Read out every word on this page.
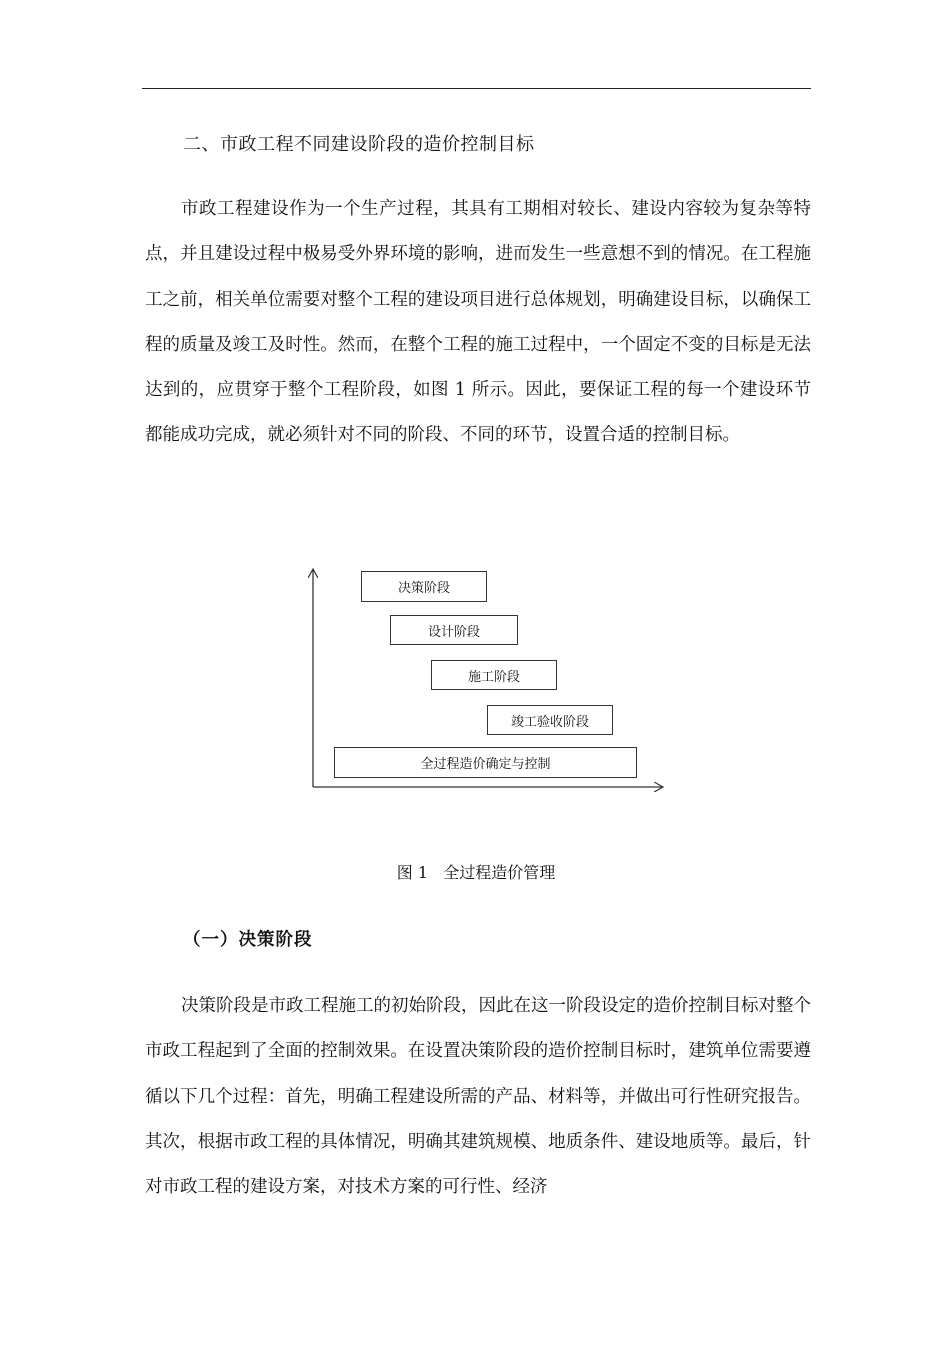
二、市政工程不同建设阶段的造价控制目标

市政工程建设作为一个生产过程，其具有工期相对较长、建设内容较为复杂等特点，并且建设过程中极易受外界环境的影响，进而发生一些意想不到的情况。在工程施工之前，相关单位需要对整个工程的建设项目进行总体规划，明确建设目标，以确保工程的质量及竣工及时性。然而，在整个工程的施工过程中，一个固定不变的目标是无法达到的，应贯穿于整个工程阶段，如图 1 所示。因此，要保证工程的每一个建设环节都能成功完成，就必须针对不同的阶段、不同的环节，设置合适的控制目标。

决策阶段
设计阶段
施工阶段
竣工验收阶段
全过程造价确定与控制
图 1   全过程造价管理
（一）决策阶段

决策阶段是市政工程施工的初始阶段，因此在这一阶段设定的造价控制目标对整个市政工程起到了全面的控制效果。在设置决策阶段的造价控制目标时，建筑单位需要遵循以下几个过程：首先，明确工程建设所需的产品、材料等，并做出可行性研究报告。其次，根据市政工程的具体情况，明确其建筑规模、地质条件、建设地质等。最后，针对市政工程的建设方案，对技术方案的可行性、经济
